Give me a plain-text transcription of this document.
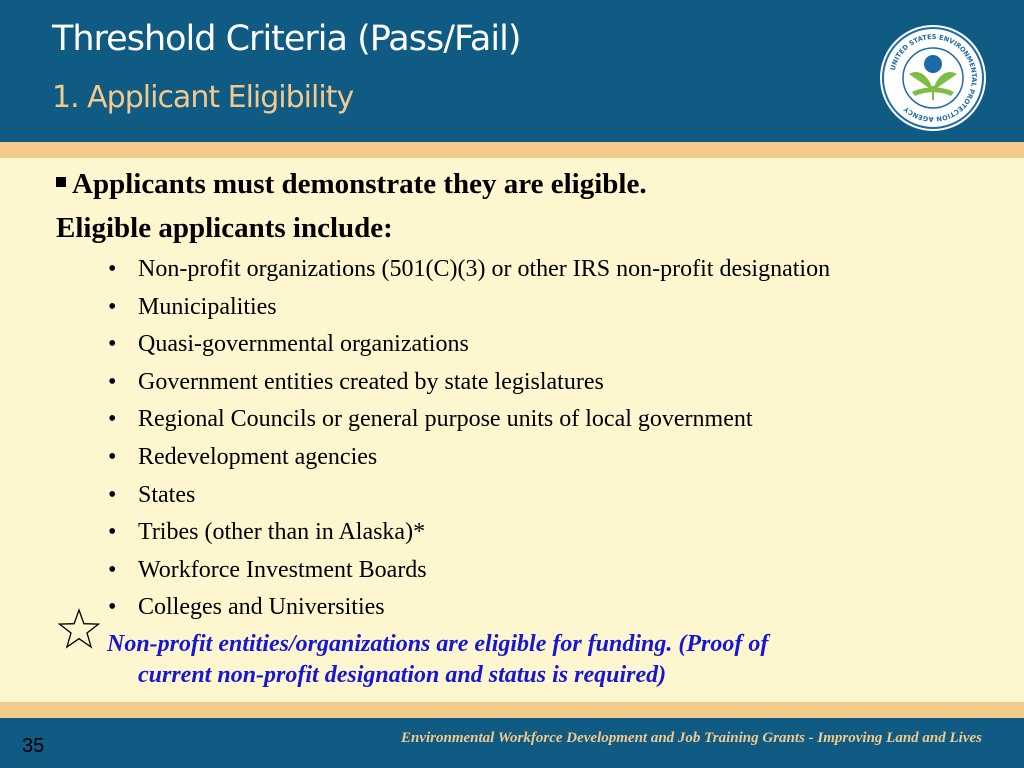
Threshold Criteria (Pass/Fail)
1. Applicant Eligibility
UNITED STATES ENVIRONMENTAL PROTECTION AGENCY
Applicants must demonstrate they are eligible.
Eligible applicants include:
• Non-profit organizations (501(C)(3) or other IRS non-profit designation
• Municipalities
• Quasi-governmental organizations
• Government entities created by state legislatures
• Regional Councils or general purpose units of local government
• Redevelopment agencies
• States
• Tribes (other than in Alaska)*
• Workforce Investment Boards
• Colleges and Universities
Non-profit entities/organizations are eligible for funding. (Proof of
current non-profit designation and status is required)
35	Environmental Workforce Development and Job Training Grants - Improving Land and Lives
